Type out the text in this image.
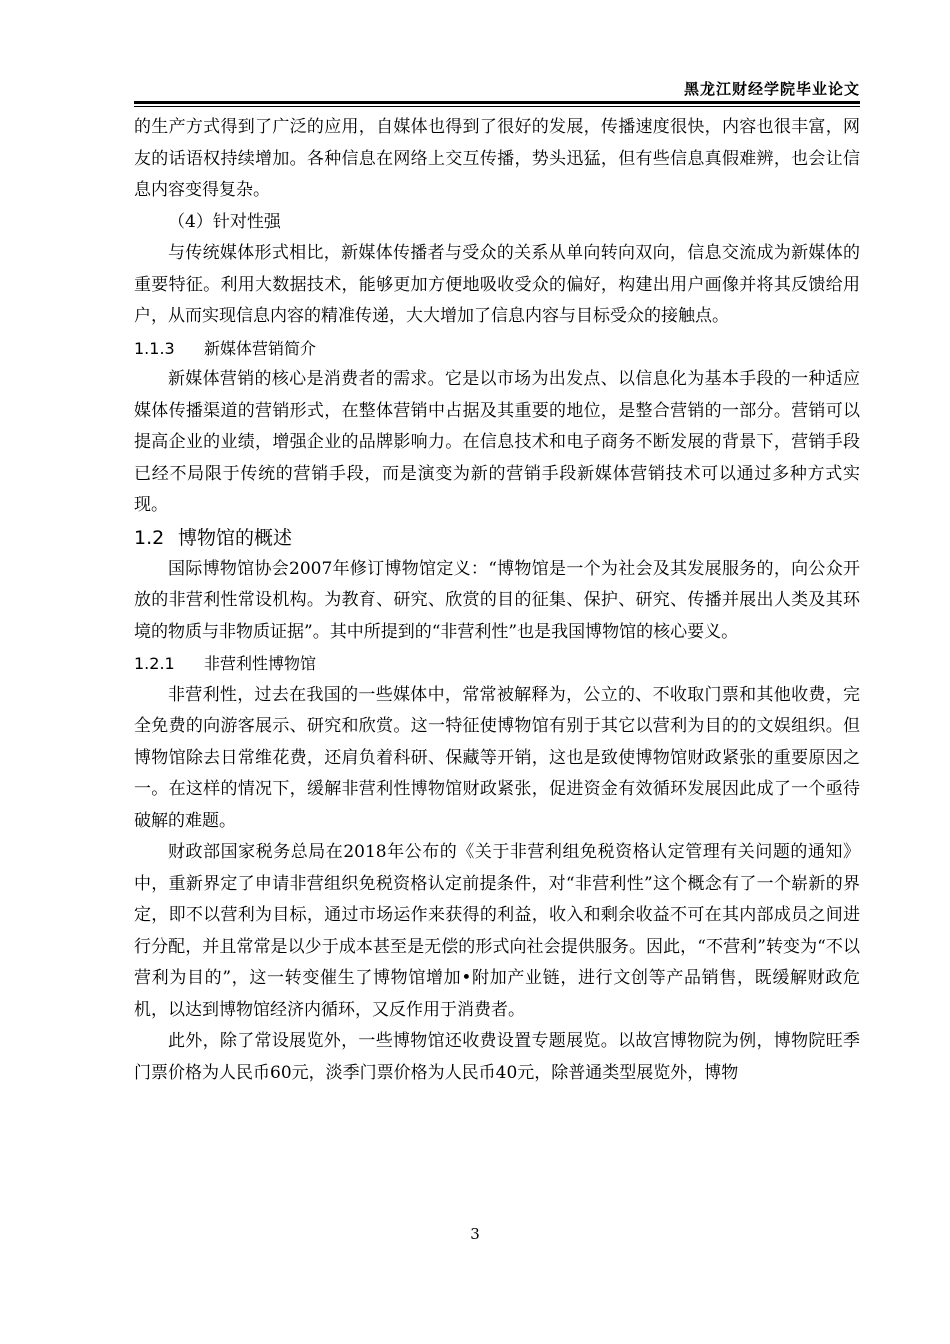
黑龙江财经学院毕业论文

的生产方式得到了广泛的应用，自媒体也得到了很好的发展，传播速度很快，内容也很丰富，网友的话语权持续增加。各种信息在网络上交互传播，势头迅猛，但有些信息真假难辨，也会让信息内容变得复杂。

（4）针对性强

与传统媒体形式相比，新媒体传播者与受众的关系从单向转向双向，信息交流成为新媒体的重要特征。利用大数据技术，能够更加方便地吸收受众的偏好，构建出用户画像并将其反馈给用户，从而实现信息内容的精准传递，大大增加了信息内容与目标受众的接触点。

1.1.3 新媒体营销简介

新媒体营销的核心是消费者的需求。它是以市场为出发点、以信息化为基本手段的一种适应媒体传播渠道的营销形式，在整体营销中占据及其重要的地位，是整合营销的一部分。营销可以提高企业的业绩，增强企业的品牌影响力。在信息技术和电子商务不断发展的背景下，营销手段已经不局限于传统的营销手段，而是演变为新的营销手段新媒体营销技术可以通过多种方式实现。

1.2 博物馆的概述

国际博物馆协会2007年修订博物馆定义：“博物馆是一个为社会及其发展服务的，向公众开放的非营利性常设机构。为教育、研究、欣赏的目的征集、保护、研究、传播并展出人类及其环境的物质与非物质证据”。其中所提到的“非营利性”也是我国博物馆的核心要义。

1.2.1 非营利性博物馆

非营利性，过去在我国的一些媒体中，常常被解释为，公立的、不收取门票和其他收费，完全免费的向游客展示、研究和欣赏。这一特征使博物馆有别于其它以营利为目的的文娱组织。但博物馆除去日常维花费，还肩负着科研、保藏等开销，这也是致使博物馆财政紧张的重要原因之一。在这样的情况下，缓解非营利性博物馆财政紧张，促进资金有效循环发展因此成了一个亟待破解的难题。

财政部国家税务总局在2018年公布的《关于非营利组免税资格认定管理有关问题的通知》中，重新界定了申请非营组织免税资格认定前提条件，对“非营利性”这个概念有了一个崭新的界定，即不以营利为目标，通过市场运作来获得的利益，收入和剩余收益不可在其内部成员之间进行分配，并且常常是以少于成本甚至是无偿的形式向社会提供服务。因此，“不营利”转变为“不以营利为目的”，这一转变催生了博物馆增加•附加产业链，进行文创等产品销售，既缓解财政危机，以达到博物馆经济内循环，又反作用于消费者。

此外，除了常设展览外，一些博物馆还收费设置专题展览。以故宫博物院为例，博物院旺季门票价格为人民币60元，淡季门票价格为人民币40元，除普通类型展览外，博物

3
